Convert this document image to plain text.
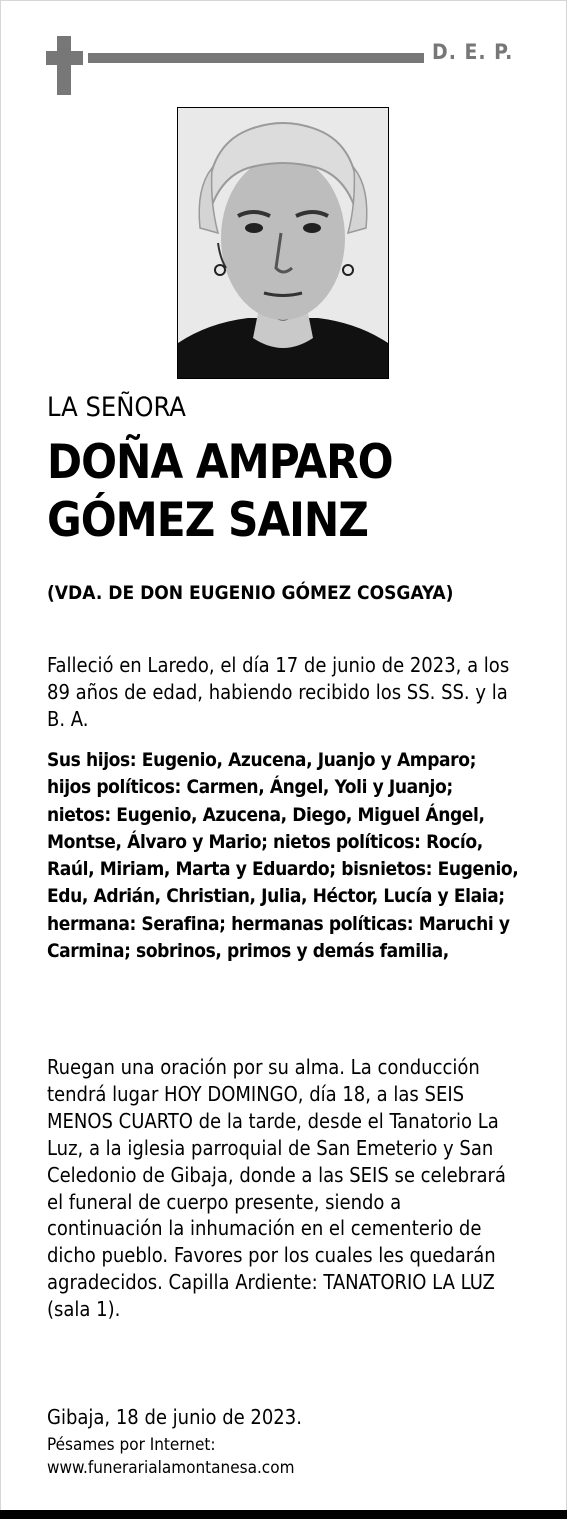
D. E. P.

LA SEÑORA

DOÑA AMPARO GÓMEZ SAINZ

(VDA. DE DON EUGENIO GÓMEZ COSGAYA)

Falleció en Laredo, el día 17 de junio de 2023, a los 89 años de edad, habiendo recibido los SS. SS. y la B. A.

Sus hijos: Eugenio, Azucena, Juanjo y Amparo; hijos políticos: Carmen, Ángel, Yoli y Juanjo; nietos: Eugenio, Azucena, Diego, Miguel Ángel, Montse, Álvaro y Mario; nietos políticos: Rocío, Raúl, Miriam, Marta y Eduardo; bisnietos: Eugenio, Edu, Adrián, Christian, Julia, Héctor, Lucía y Elaia; hermana: Serafina; hermanas políticas: Maruchi y Carmina; sobrinos, primos y demás familia,

Ruegan una oración por su alma. La conducción tendrá lugar HOY DOMINGO, día 18, a las SEIS MENOS CUARTO de la tarde, desde el Tanatorio La Luz, a la iglesia parroquial de San Emeterio y San Celedonio de Gibaja, donde a las SEIS se celebrará el funeral de cuerpo presente, siendo a continuación la inhumación en el cementerio de dicho pueblo. Favores por los cuales les quedarán agradecidos. Capilla Ardiente: TANATORIO LA LUZ (sala 1).

Gibaja, 18 de junio de 2023.

Pésames por Internet:

www.funerarialamontanesa.com
